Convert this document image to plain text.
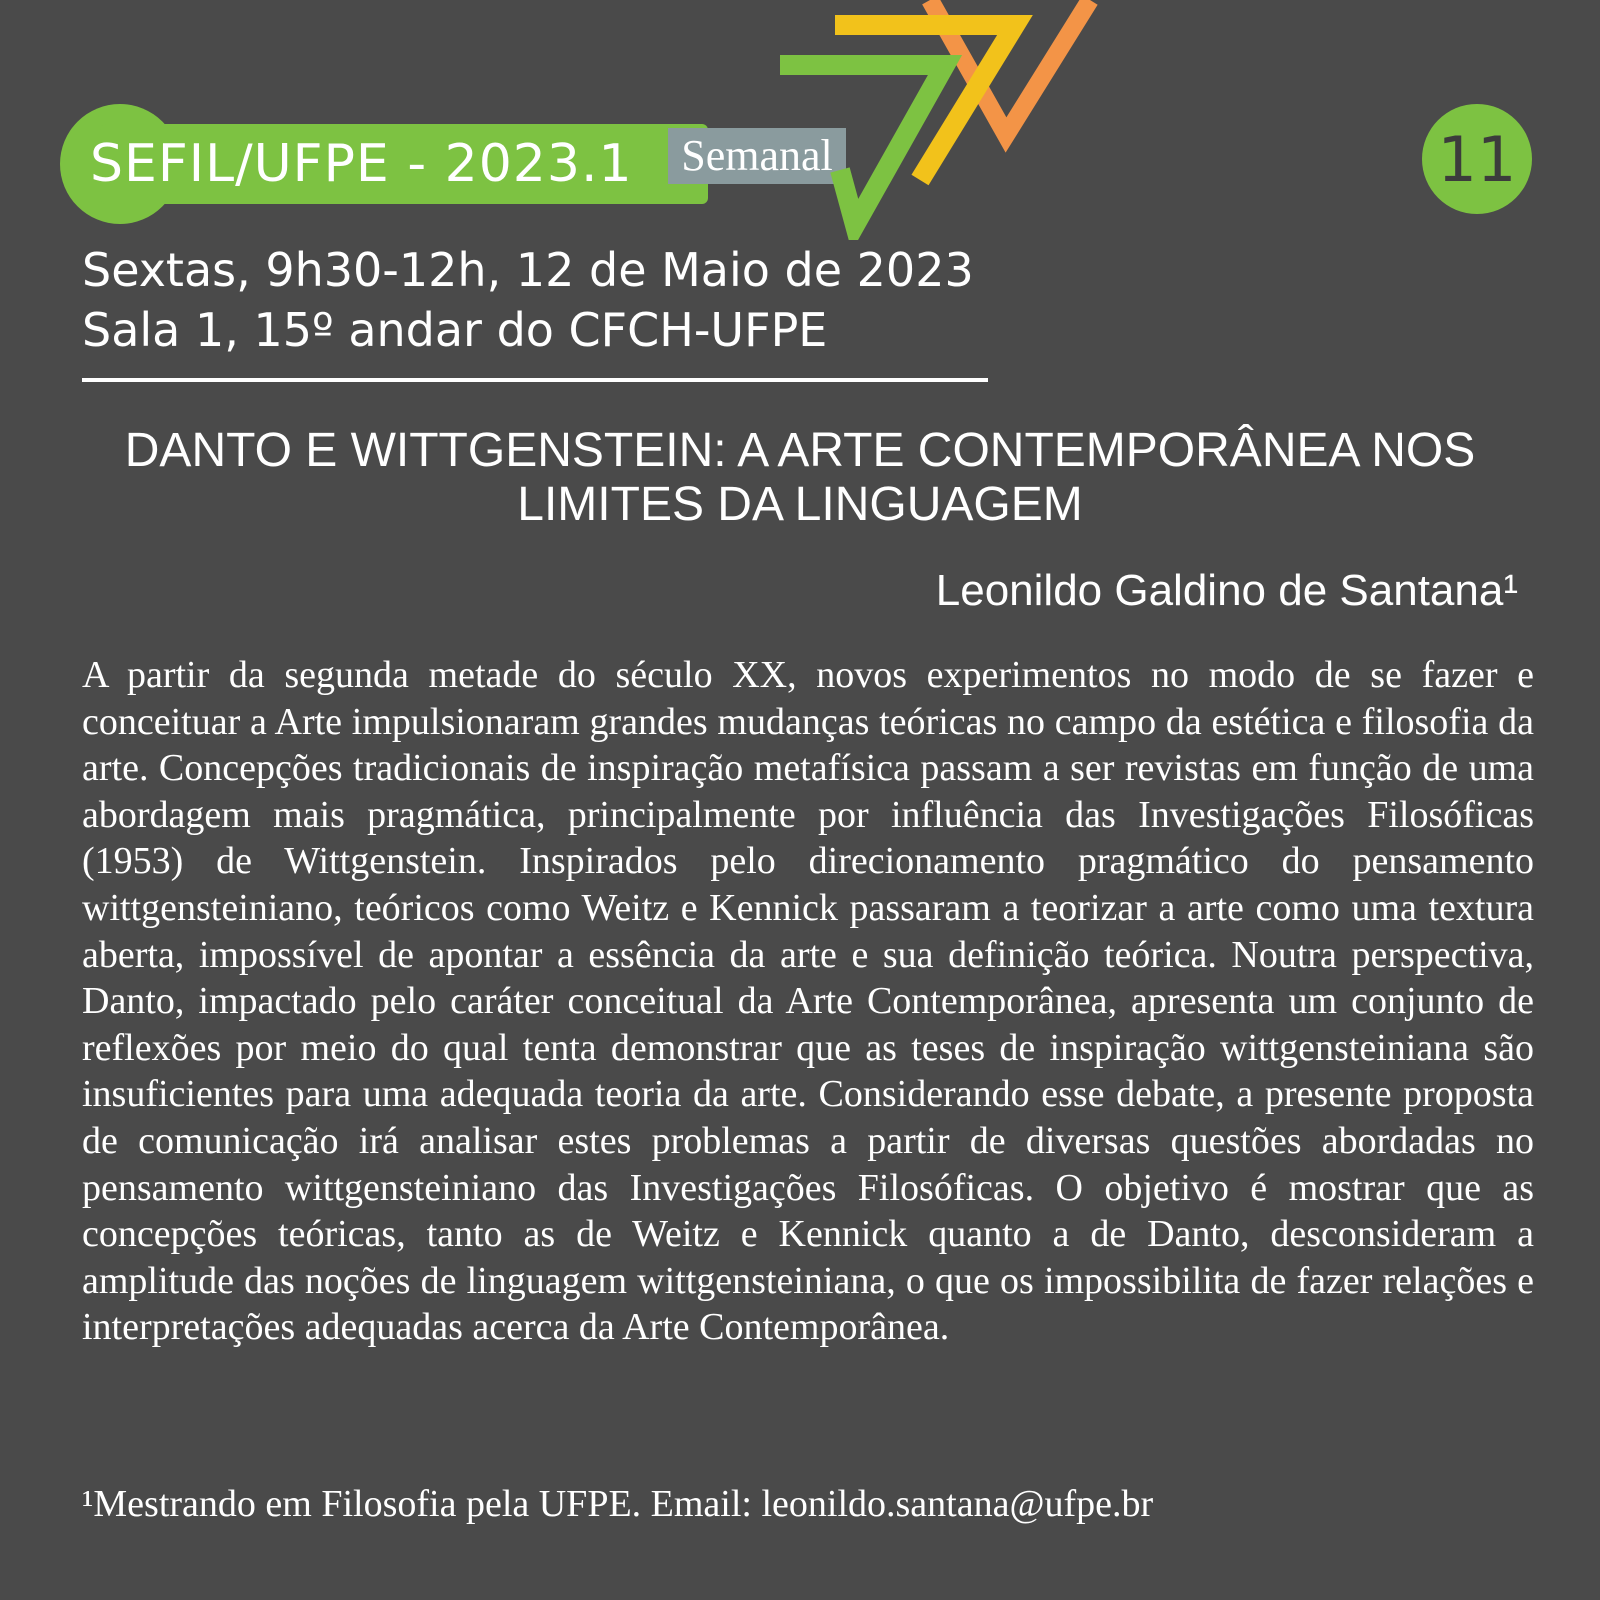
SEFIL/UFPE - 2023.1	Semanal	11
Sextas, 9h30-12h, 12 de Maio de 2023
Sala 1, 15º andar do CFCH-UFPE
DANTO E WITTGENSTEIN: A ARTE CONTEMPORÂNEA NOS LIMITES DA LINGUAGEM
Leonildo Galdino de Santana¹

A partir da segunda metade do século XX, novos experimentos no modo de se fazer e conceituar a Arte impulsionaram grandes mudanças teóricas no campo da estética e filosofia da arte. Concepções tradicionais de inspiração metafísica passam a ser revistas em função de uma abordagem mais pragmática, principalmente por influência das Investigações Filosóficas (1953) de Wittgenstein. Inspirados pelo direcionamento pragmático do pensamento wittgensteiniano, teóricos como Weitz e Kennick passaram a teorizar a arte como uma textura aberta, impossível de apontar a essência da arte e sua definição teórica. Noutra perspectiva, Danto, impactado pelo caráter conceitual da Arte Contemporânea, apresenta um conjunto de reflexões por meio do qual tenta demonstrar que as teses de inspiração wittgensteiniana são insuficientes para uma adequada teoria da arte. Considerando esse debate, a presente proposta de comunicação irá analisar estes problemas a partir de diversas questões abordadas no pensamento wittgensteiniano das Investigações Filosóficas. O objetivo é mostrar que as concepções teóricas, tanto as de Weitz e Kennick quanto a de Danto, desconsideram a amplitude das noções de linguagem wittgensteiniana, o que os impossibilita de fazer relações e interpretações adequadas acerca da Arte Contemporânea.

¹Mestrando em Filosofia pela UFPE. Email: leonildo.santana@ufpe.br
